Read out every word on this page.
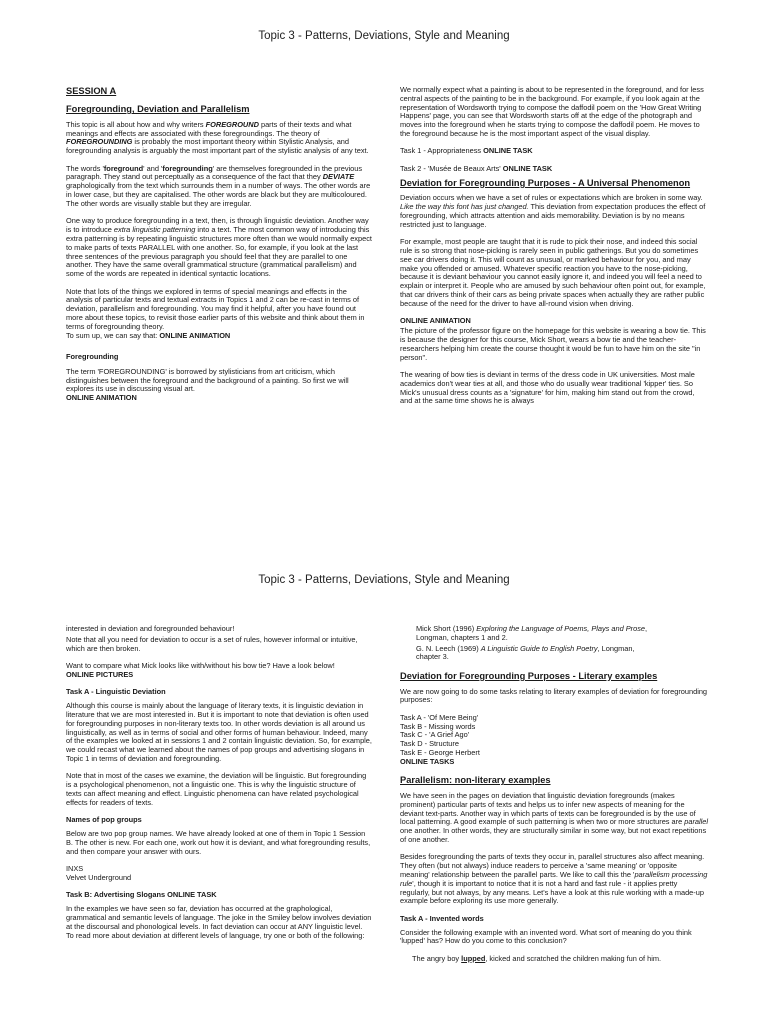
Topic 3 - Patterns, Deviations, Style and Meaning
SESSION A
Foregrounding, Deviation and Parallelism

This topic is all about how and why writers FOREGROUND parts of their texts and what meanings and effects are associated with these foregroundings. The theory of FOREGROUNDING is probably the most important theory within Stylistic Analysis, and foregrounding analysis is arguably the most important part of the stylistic analysis of any text.

The words 'foreground' and 'foregrounding' are themselves foregrounded in the previous paragraph. They stand out perceptually as a consequence of the fact that they DEVIATE graphologically from the text which surrounds them in a number of ways. The other words are in lower case, but they are capitalised. The other words are black but they are multicoloured. The other words are visually stable but they are irregular.

One way to produce foregrounding in a text, then, is through linguistic deviation. Another way is to introduce extra linguistic patterning into a text. The most common way of introducing this extra patterning is by repeating linguistic structures more often than we would normally expect to make parts of texts PARALLEL with one another. So, for example, if you look at the last three sentences of the previous paragraph you should feel that they are parallel to one another. They have the same overall grammatical structure (grammatical parallelism) and some of the words are repeated in identical syntactic locations.

Note that lots of the things we explored in terms of special meanings and effects in the analysis of particular texts and textual extracts in Topics 1 and 2 can be re-cast in terms of deviation, parallelism and foregrounding. You may find it helpful, after you have found out more about these topics, to revisit those earlier parts of this website and think about them in terms of foregrounding theory.
To sum up, we can say that: ONLINE ANIMATION

Foregrounding

The term 'FOREGROUNDING' is borrowed by stylisticians from art criticism, which distinguishes between the foreground and the background of a painting. So first we will explores its use in discussing visual art.
ONLINE ANIMATION

We normally expect what a painting is about to be represented in the foreground, and for less central aspects of the painting to be in the background. For example, if you look again at the representation of Wordsworth trying to compose the daffodil poem on the 'How Great Writing Happens' page, you can see that Wordsworth starts off at the edge of the photograph and moves into the foreground when he starts trying to compose the daffodil poem. He moves to the foreground because he is the most important aspect of the visual display.

Task 1 - Appropriateness ONLINE TASK

Task 2 - 'Musée de Beaux Arts' ONLINE TASK

Deviation for Foregrounding Purposes - A Universal Phenomenon

Deviation occurs when we have a set of rules or expectations which are broken in some way. Like the way this font has just changed. This deviation from expectation produces the effect of foregrounding, which attracts attention and aids memorability. Deviation is by no means restricted just to language.

For example, most people are taught that it is rude to pick their nose, and indeed this social rule is so strong that nose-picking is rarely seen in public gatherings. But you do sometimes see car drivers doing it. This will count as unusual, or marked behaviour for you, and may make you offended or amused. Whatever specific reaction you have to the nose-picking, because it is deviant behaviour you cannot easily ignore it, and indeed you will feel a need to explain or interpret it. People who are amused by such behaviour often point out, for example, that car drivers think of their cars as being private spaces when actually they are rather public because of the need for the driver to have all-round vision when driving.

ONLINE ANIMATION

The picture of the professor figure on the homepage for this website is wearing a bow tie. This is because the designer for this course, Mick Short, wears a bow tie and the teacher-researchers helping him create the course thought it would be fun to have him on the site "in person".

The wearing of bow ties is deviant in terms of the dress code in UK universities. Most male academics don't wear ties at all, and those who do usually wear traditional 'kipper' ties. So Mick's unusual dress counts as a 'signature' for him, making him stand out from the crowd, and at the same time shows he is always

Topic 3 - Patterns, Deviations, Style and Meaning

interested in deviation and foregrounded behaviour!

Note that all you need for deviation to occur is a set of rules, however informal or intuitive, which are then broken.

Want to compare what Mick looks like with/without his bow tie? Have a look below!
ONLINE PICTURES

Task A - Linguistic Deviation

Although this course is mainly about the language of literary texts, it is linguistic deviation in literature that we are most interested in. But it is important to note that deviation is often used for foregrounding purposes in non-literary texts too. In other words deviation is all around us linguistically, as well as in terms of social and other forms of human behaviour. Indeed, many of the examples we looked at in sessions 1 and 2 contain linguistic deviation. So, for example, we could recast what we learned about the names of pop groups and advertising slogans in Topic 1 in terms of deviation and foregrounding.

Note that in most of the cases we examine, the deviation will be linguistic. But foregrounding is a psychological phenomenon, not a linguistic one. This is why the linguistic structure of texts can affect meaning and effect. Linguistic phenomena can have related psychological effects for readers of texts.

Names of pop groups

Below are two pop group names. We have already looked at one of them in Topic 1 Session B. The other is new. For each one, work out how it is deviant, and what foregrounding results, and then compare your answer with ours.

INXS
Velvet Underground

Task B: Advertising Slogans ONLINE TASK

In the examples we have seen so far, deviation has occurred at the graphological, grammatical and semantic levels of language. The joke in the Smiley below involves deviation at the discoursal and phonological levels. In fact deviation can occur at ANY linguistic level. To read more about deviation at different levels of language, try one or both of the following:

Mick Short (1996) Exploring the Language of Poems, Plays and Prose,
Longman, chapters 1 and 2.

G. N. Leech (1969) A Linguistic Guide to English Poetry, Longman,
chapter 3.

Deviation for Foregrounding Purposes - Literary examples

We are now going to do some tasks relating to literary examples of deviation for foregrounding purposes:

Task A - 'Of Mere Being'
Task B - Missing words
Task C - 'A Grief Ago'
Task D - Structure
Task E - George Herbert
ONLINE TASKS

Parallelism: non-literary examples

We have seen in the pages on deviation that linguistic deviation foregrounds (makes prominent) particular parts of texts and helps us to infer new aspects of meaning for the deviant text-parts. Another way in which parts of texts can be foregrounded is by the use of local patterning. A good example of such patterning is when two or more structures are parallel one another. In other words, they are structurally similar in some way, but not exact repetitions of one another.

Besides foregrounding the parts of texts they occur in, parallel structures also affect meaning. They often (but not always) induce readers to perceive a 'same meaning' or 'opposite meaning' relationship between the parallel parts. We like to call this the 'parallelism processing rule', though it is important to notice that it is not a hard and fast rule - it applies pretty regularly, but not always, by any means. Let's have a look at this rule working with a made-up example before exploring its use more generally.

Task A - Invented words

Consider the following example with an invented word. What sort of meaning do you think 'lupped' has? How do you come to this conclusion?

The angry boy lupped, kicked and scratched the children making fun of him.
